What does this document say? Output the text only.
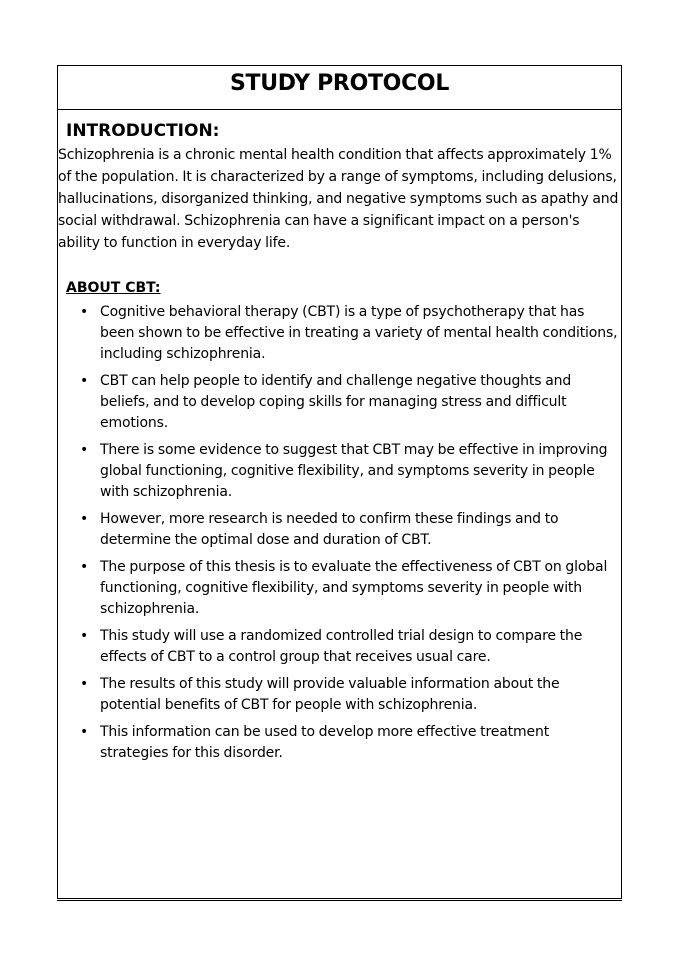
STUDY PROTOCOL
INTRODUCTION:

Schizophrenia is a chronic mental health condition that affects approximately 1% of the population. It is characterized by a range of symptoms, including delusions, hallucinations, disorganized thinking, and negative symptoms such as apathy and social withdrawal. Schizophrenia can have a significant impact on a person's ability to function in everyday life.

ABOUT CBT:
• Cognitive behavioral therapy (CBT) is a type of psychotherapy that has been shown to be effective in treating a variety of mental health conditions, including schizophrenia.
• CBT can help people to identify and challenge negative thoughts and beliefs, and to develop coping skills for managing stress and difficult emotions.
• There is some evidence to suggest that CBT may be effective in improving global functioning, cognitive flexibility, and symptoms severity in people with schizophrenia.
• However, more research is needed to confirm these findings and to determine the optimal dose and duration of CBT.
• The purpose of this thesis is to evaluate the effectiveness of CBT on global functioning, cognitive flexibility, and symptoms severity in people with schizophrenia.
• This study will use a randomized controlled trial design to compare the effects of CBT to a control group that receives usual care.
• The results of this study will provide valuable information about the potential benefits of CBT for people with schizophrenia.
• This information can be used to develop more effective treatment strategies for this disorder.
